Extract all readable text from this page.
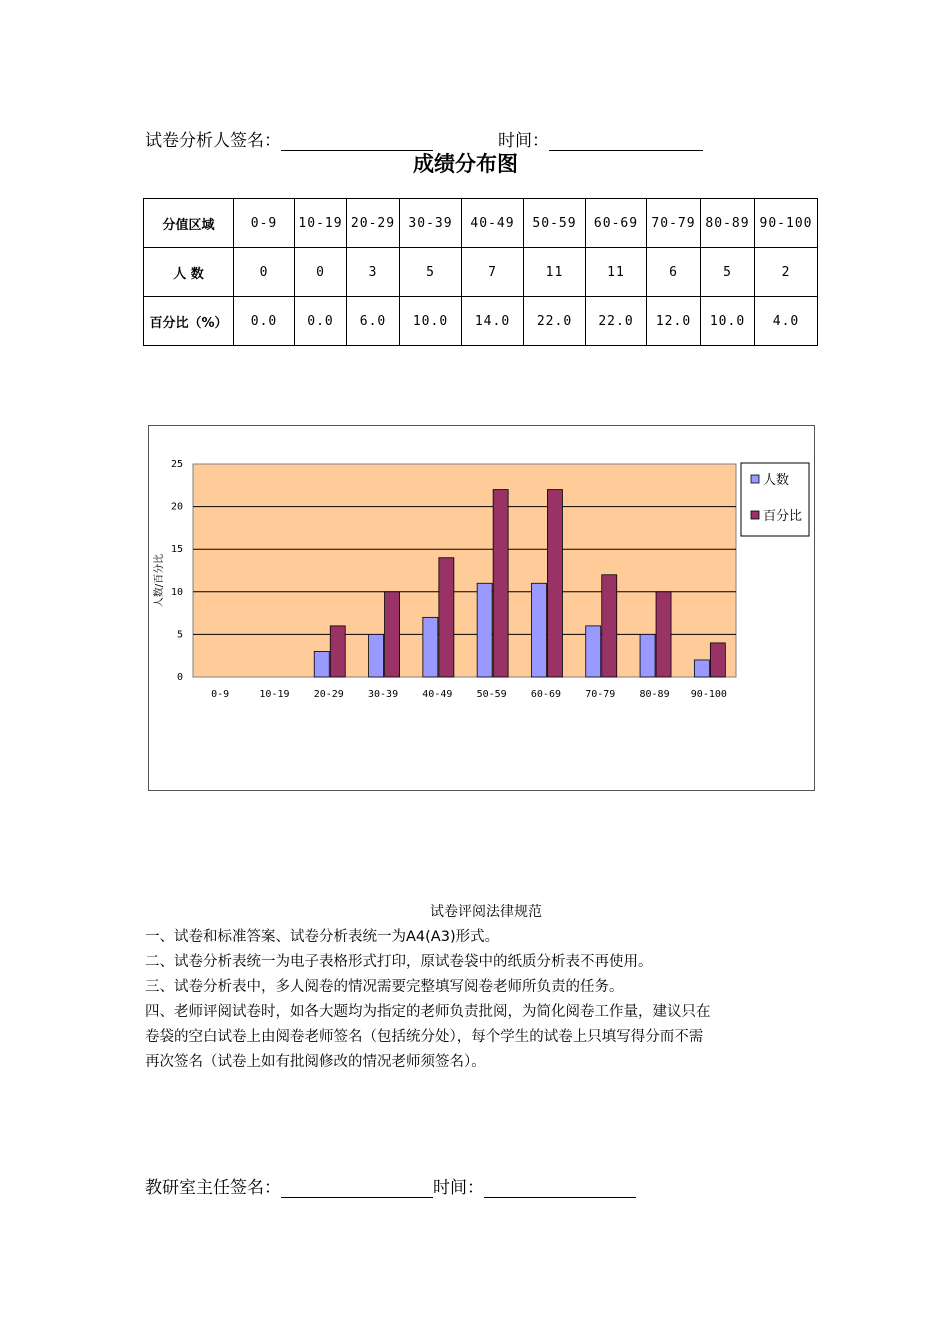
试卷分析人签名：	时间：
成绩分布图
分值区域	0-9	10-19	20-29	30-39	40-49	50-59	60-69	70-79	80-89	90-100
人 数	0	0	3	5	7	11	11	6	5	2
百分比（%）	0.0	0.0	6.0	10.0	14.0	22.0	22.0	12.0	10.0	4.0
0
5
10
15
20
25
人数/百分比
0-9	10-19 20-29 30-39 40-49 50-59 60-69 70-79 80-89 90-100
人数
百分比
试卷评阅法律规范
一、试卷和标准答案、试卷分析表统一为A4(A3)形式。
二、试卷分析表统一为电子表格形式打印，原试卷袋中的纸质分析表不再使用。
三、试卷分析表中，多人阅卷的情况需要完整填写阅卷老师所负责的任务。
四、老师评阅试卷时，如各大题均为指定的老师负责批阅，为简化阅卷工作量，建议只在
卷袋的空白试卷上由阅卷老师签名（包括统分处），每个学生的试卷上只填写得分而不需
再次签名（试卷上如有批阅修改的情况老师须签名）。
教研室主任签名：	时间：
